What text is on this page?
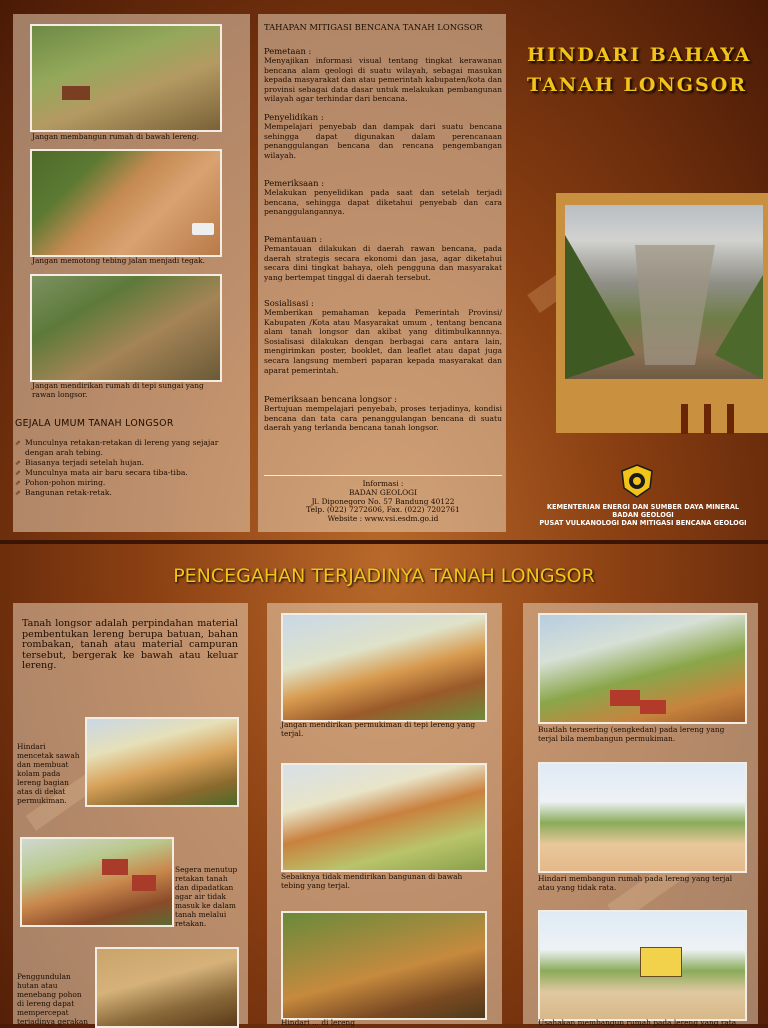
Jangan membangun rumah di bawah lereng.
Jangan memotong tebing jalan menjadi tegak.
Jangan mendirikan rumah di tepi sungai yang rawan longsor.
GEJALA UMUM TANAH LONGSOR
⇗ Munculnya retakan-retakan di lereng yang sejajar dengan arah tebing.
⇗ Biasanya terjadi setelah hujan.
⇗ Munculnya mata air baru secara tiba-tiba.
⇗ Pohon-pohon miring.
⇗ Bangunan retak-retak.
TAHAPAN MITIGASI BENCANA TANAH LONGSOR

Pemetaan :

Menyajikan informasi visual tentang tingkat kerawanan bencana alam geologi di suatu wilayah, sebagai masukan kepada masyarakat dan atau pemerintah kabupaten/kota dan provinsi sebagai data dasar untuk melakukan pembangunan wilayah agar terhindar dari bencana.

Penyelidikan :

Mempelajari penyebab dan dampak dari suatu bencana sehingga dapat digunakan dalam perencanaan penanggulangan bencana dan rencana pengembangan wilayah.

Pemeriksaan :

Melakukan penyelidikan pada saat dan setelah terjadi bencana, sehingga dapat diketahui penyebab dan cara penanggulangannya.

Pemantauan :

Pemantauan dilakukan di daerah rawan bencana, pada daerah strategis secara ekonomi dan jasa, agar diketahui secara dini tingkat bahaya, oleh pengguna dan masyarakat yang bertempat tinggal di daerah tersebut.

Sosialisasi :

Memberikan pemahaman kepada Pemerintah Provinsi/ Kabupaten /Kota atau Masyarakat umum , tentang bencana alam tanah longsor dan akibat yang ditimbulkannnya. Sosialisasi dilakukan dengan berbagai cara antara lain, mengirimkan poster, booklet, dan leaflet atau dapat juga secara langsung memberi paparan kepada masyarakat dan aparat pemerintah.

Pemeriksaan bencana longsor :

Bertujuan mempelajari penyebab, proses terjadinya, kondisi bencana dan tata cara penanggulangan bencana di suatu daerah yang terlanda bencana tanah longsor.

Informasi :
BADAN GEOLOGI
Jl. Diponegoro No. 57 Bandung 40122
Telp. (022) 7272606, Fax. (022) 7202761
Website : www.vsi.esdm.go.id
HINDARI BAHAYA
TANAH LONGSOR
KEMENTERIAN ENERGI DAN SUMBER DAYA MINERAL
BADAN GEOLOGI
PUSAT VULKANOLOGI DAN MITIGASI BENCANA GEOLOGI
PENCEGAHAN TERJADINYA TANAH LONGSOR
Tanah longsor adalah perpindahan material pembentukan lereng berupa batuan, bahan rombakan, tanah atau material campuran tersebut, bergerak ke bawah atau keluar lereng.
Hindari mencetak sawah dan membuat kolam pada lereng bagian atas di dekat permukiman.
Segera menutup retakan tanah dan dipadatkan agar air tidak masuk ke dalam tanah melalui retakan.
Penggundulan hutan atau menebang pohon di lereng dapat mempercepat terjadinya gerakan
Jangan mendirikan permukiman di tepi lereng yang terjal.
Sebaiknya tidak mendirikan bangunan di bawah tebing yang terjal.
Hindari ... di lereng
Buatlah terasering (sengkedan) pada lereng yang terjal bila membangun permukiman.
Hindari membangun rumah pada lereng yang terjal atau yang tidak rata.
Usahakan membangun rumah pada lereng yang rata
